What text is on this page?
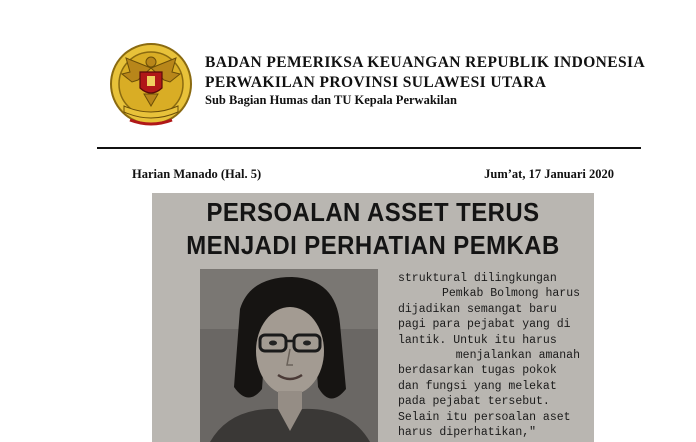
BADAN PEMERIKSA KEUANGAN REPUBLIK INDONESIA
PERWAKILAN PROVINSI SULAWESI UTARA
Sub Bagian Humas dan TU Kepala Perwakilan
Harian Manado (Hal. 5)	Jum’at, 17 Januari 2020
PERSOALAN ASSET TERUS
MENJADI PERHATIAN PEMKAB
struktural dilingkungan
Pemkab Bolmong harus
dijadikan semangat baru
pagi para pejabat yang di
lantik. Untuk itu harus
menjalankan amanah
berdasarkan tugas pokok
dan fungsi yang melekat
pada pejabat tersebut.
Selain itu persoalan aset
harus diperhatikan,"
